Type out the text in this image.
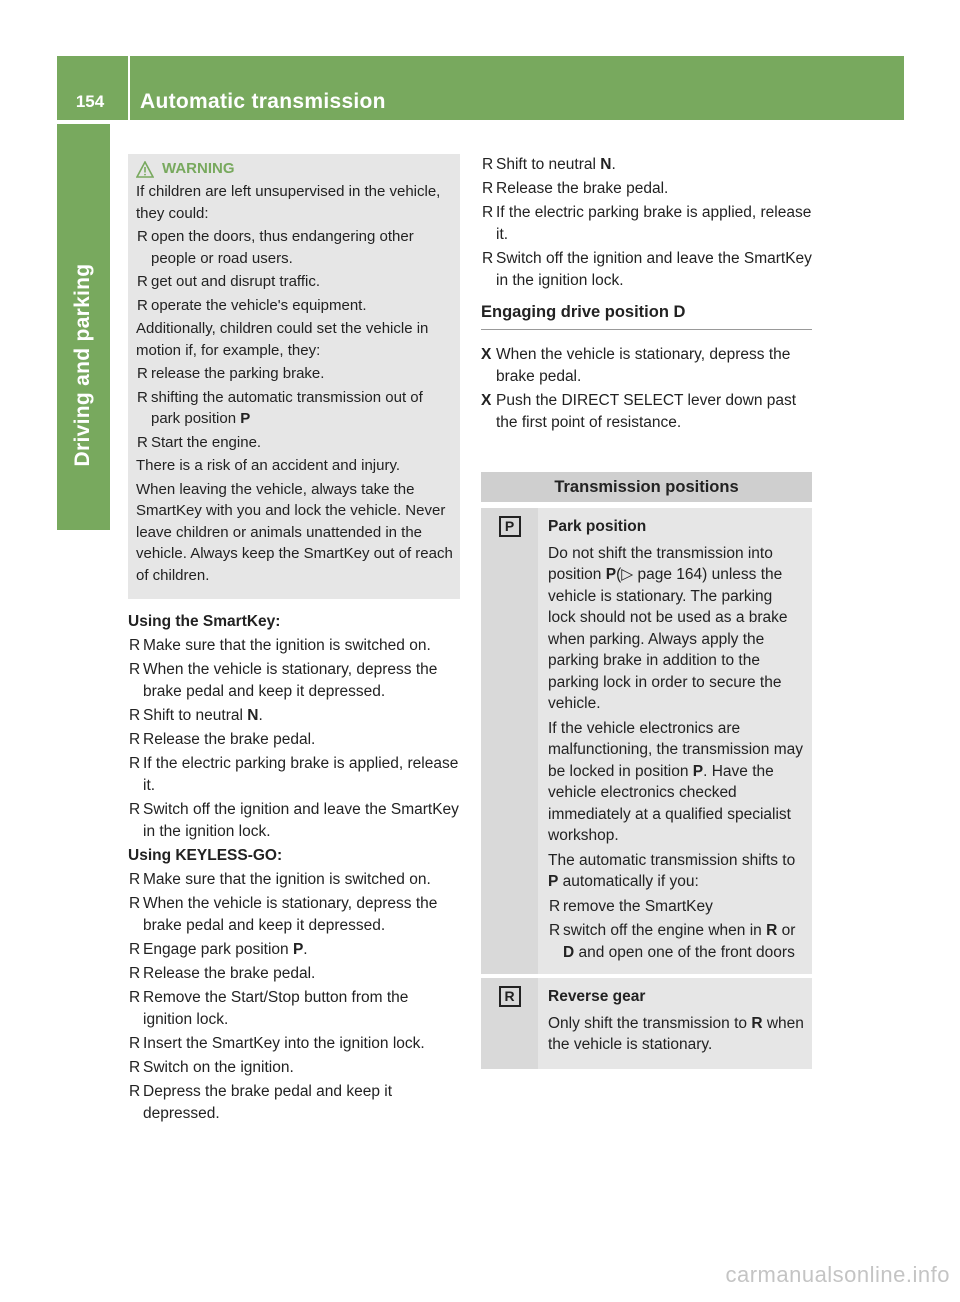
154	Automatic transmission
Driving and parking
WARNING

If children are left unsupervised in the vehicle, they could:

R open the doors, thus endangering other people or road users.

R get out and disrupt traffic.

R operate the vehicle's equipment.

Additionally, children could set the vehicle in motion if, for example, they:

R release the parking brake.

R shifting the automatic transmission out of park position P

R Start the engine.

There is a risk of an accident and injury.

When leaving the vehicle, always take the SmartKey with you and lock the vehicle. Never leave children or animals unattended in the vehicle. Always keep the SmartKey out of reach of children.

Using the SmartKey:

R Make sure that the ignition is switched on.

R When the vehicle is stationary, depress the brake pedal and keep it depressed.

R Shift to neutral N.

R Release the brake pedal.

R If the electric parking brake is applied, release it.

R Switch off the ignition and leave the SmartKey in the ignition lock.

Using KEYLESS-GO:

R Make sure that the ignition is switched on.

R When the vehicle is stationary, depress the brake pedal and keep it depressed.

R Engage park position P.

R Release the brake pedal.

R Remove the Start/Stop button from the ignition lock.

R Insert the SmartKey into the ignition lock.

R Switch on the ignition.

R Depress the brake pedal and keep it depressed.

R Shift to neutral N.

R Release the brake pedal.

R If the electric parking brake is applied, release it.

R Switch off the ignition and leave the SmartKey in the ignition lock.

Engaging drive position D

X When the vehicle is stationary, depress the brake pedal.

X Push the DIRECT SELECT lever down past the first point of resistance.

Transmission positions
P	Park position

Do not shift the transmission into position P(▷ page 164) unless the vehicle is stationary. The parking lock should not be used as a brake when parking. Always apply the parking brake in addition to the parking lock in order to secure the vehicle.

If the vehicle electronics are malfunctioning, the transmission may be locked in position P. Have the vehicle electronics checked immediately at a qualified specialist workshop.

The automatic transmission shifts to P automatically if you:

R remove the SmartKey

R switch off the engine when in R or D and open one of the front doors

R	Reverse gear

Only shift the transmission to R when the vehicle is stationary.

carmanualsonline.info
